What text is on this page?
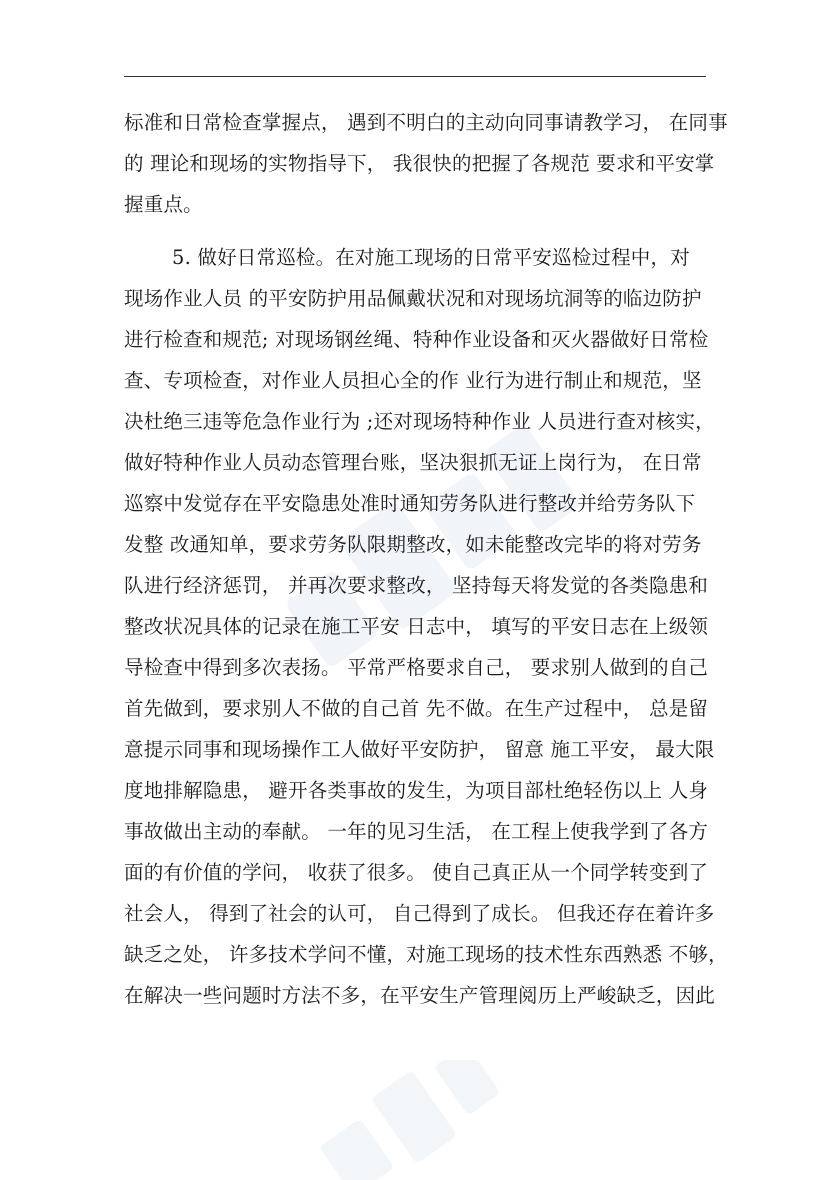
标准和日常检查掌握点， 遇到不明白的主动向同事请教学习， 在同事
的 理论和现场的实物指导下， 我很快的把握了各规范 要求和平安掌
握重点。
5. 做好日常巡检。在对施工现场的日常平安巡检过程中，对
现场作业人员 的平安防护用品佩戴状况和对现场坑洞等的临边防护
进行检查和规范; 对现场钢丝绳、特种作业设备和灭火器做好日常检
查、专项检查，对作业人员担心全的作 业行为进行制止和规范，坚
决杜绝三违等危急作业行为 ;还对现场特种作业 人员进行查对核实，
做好特种作业人员动态管理台账，坚决狠抓无证上岗行为， 在日常
巡察中发觉存在平安隐患处准时通知劳务队进行整改并给劳务队下
发整 改通知单，要求劳务队限期整改，如未能整改完毕的将对劳务
队进行经济惩罚， 并再次要求整改， 坚持每天将发觉的各类隐患和
整改状况具体的记录在施工平安 日志中， 填写的平安日志在上级领
导检查中得到多次表扬。 平常严格要求自己， 要求别人做到的自己
首先做到，要求别人不做的自己首 先不做。在生产过程中， 总是留
意提示同事和现场操作工人做好平安防护， 留意 施工平安， 最大限
度地排解隐患， 避开各类事故的发生，为项目部杜绝轻伤以上 人身
事故做出主动的奉献。 一年的见习生活， 在工程上使我学到了各方
面的有价值的学问， 收获了很多。 使自己真正从一个同学转变到了
社会人， 得到了社会的认可， 自己得到了成长。 但我还存在着许多
缺乏之处， 许多技术学问不懂，对施工现场的技术性东西熟悉 不够，
在解决一些问题时方法不多，在平安生产管理阅历上严峻缺乏，因此
